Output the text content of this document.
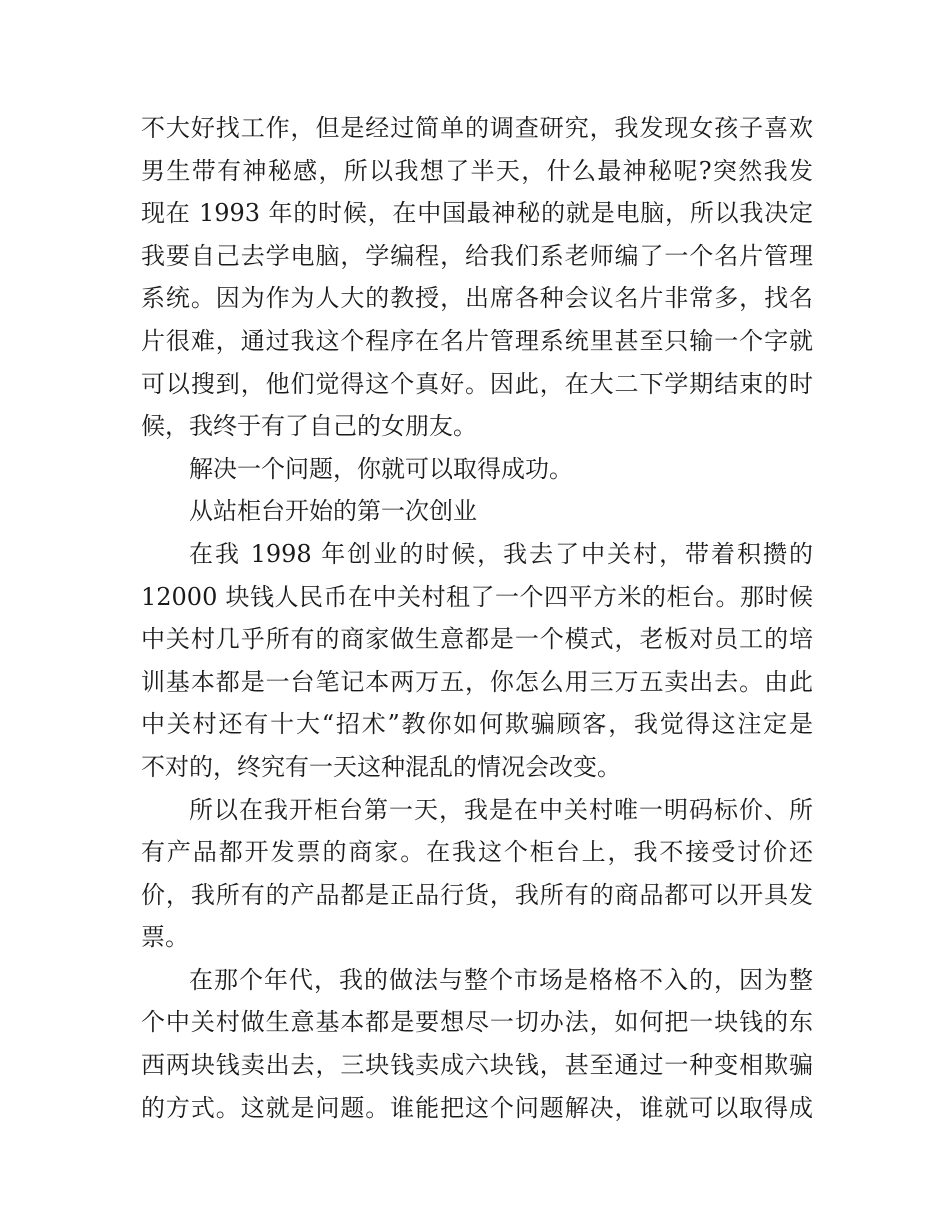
不大好找工作，但是经过简单的调查研究，我发现女孩子喜欢
男生带有神秘感，所以我想了半天，什么最神秘呢?突然我发
现在 1993 年的时候，在中国最神秘的就是电脑，所以我决定
我要自己去学电脑，学编程，给我们系老师编了一个名片管理
系统。因为作为人大的教授，出席各种会议名片非常多，找名
片很难，通过我这个程序在名片管理系统里甚至只输一个字就
可以搜到，他们觉得这个真好。因此，在大二下学期结束的时
候，我终于有了自己的女朋友。
解决一个问题，你就可以取得成功。
从站柜台开始的第一次创业
在我 1998 年创业的时候，我去了中关村，带着积攒的
12000 块钱人民币在中关村租了一个四平方米的柜台。那时候
中关村几乎所有的商家做生意都是一个模式，老板对员工的培
训基本都是一台笔记本两万五，你怎么用三万五卖出去。由此
中关村还有十大“招术”教你如何欺骗顾客，我觉得这注定是
不对的，终究有一天这种混乱的情况会改变。
所以在我开柜台第一天，我是在中关村唯一明码标价、所
有产品都开发票的商家。在我这个柜台上，我不接受讨价还
价，我所有的产品都是正品行货，我所有的商品都可以开具发
票。
在那个年代，我的做法与整个市场是格格不入的，因为整
个中关村做生意基本都是要想尽一切办法，如何把一块钱的东
西两块钱卖出去，三块钱卖成六块钱，甚至通过一种变相欺骗
的方式。这就是问题。谁能把这个问题解决，谁就可以取得成
